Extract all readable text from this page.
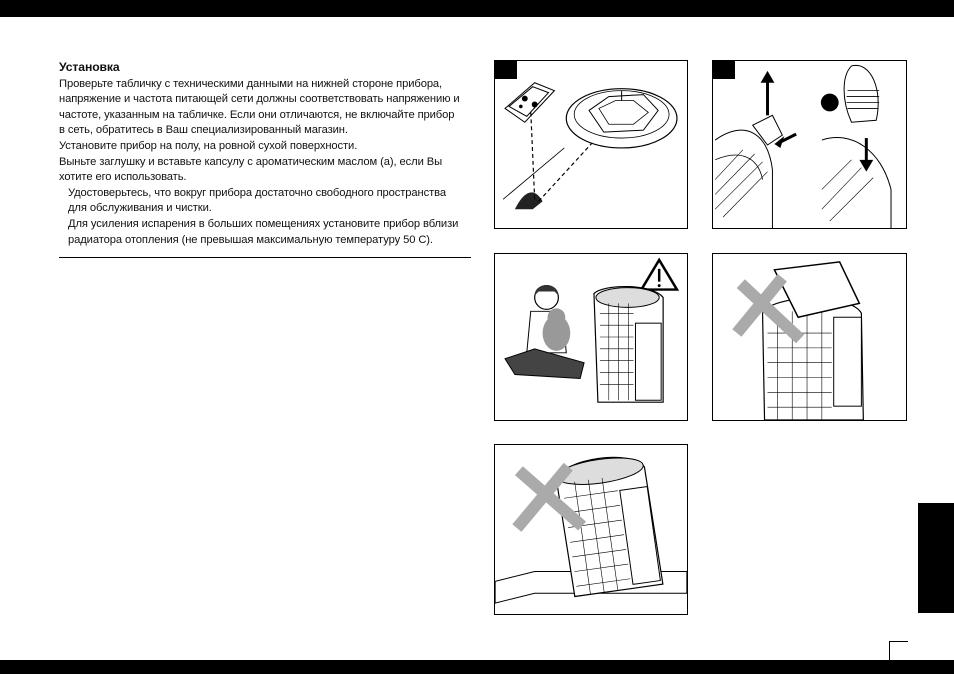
Установка
Проверьте табличку с техническими данными на нижней стороне прибора,
напряжение и частота питающей сети должны соответствовать напряжению и
частоте, указанным на табличке. Если они отличаются, не включайте прибор
в сеть, обратитесь в Ваш специализированный магазин.
Установите прибор на полу, на ровной сухой поверхности.
Выньте заглушку и вставьте капсулу с ароматическим маслом (a), если Вы
хотите его использовать.
Удостоверьтесь, что вокруг прибора достаточно свободного пространства
для обслуживания и чистки.
Для усиления испарения в больших помещениях установите прибор вблизи
радиатора отопления (не превышая максимальную температуру 50 C).
